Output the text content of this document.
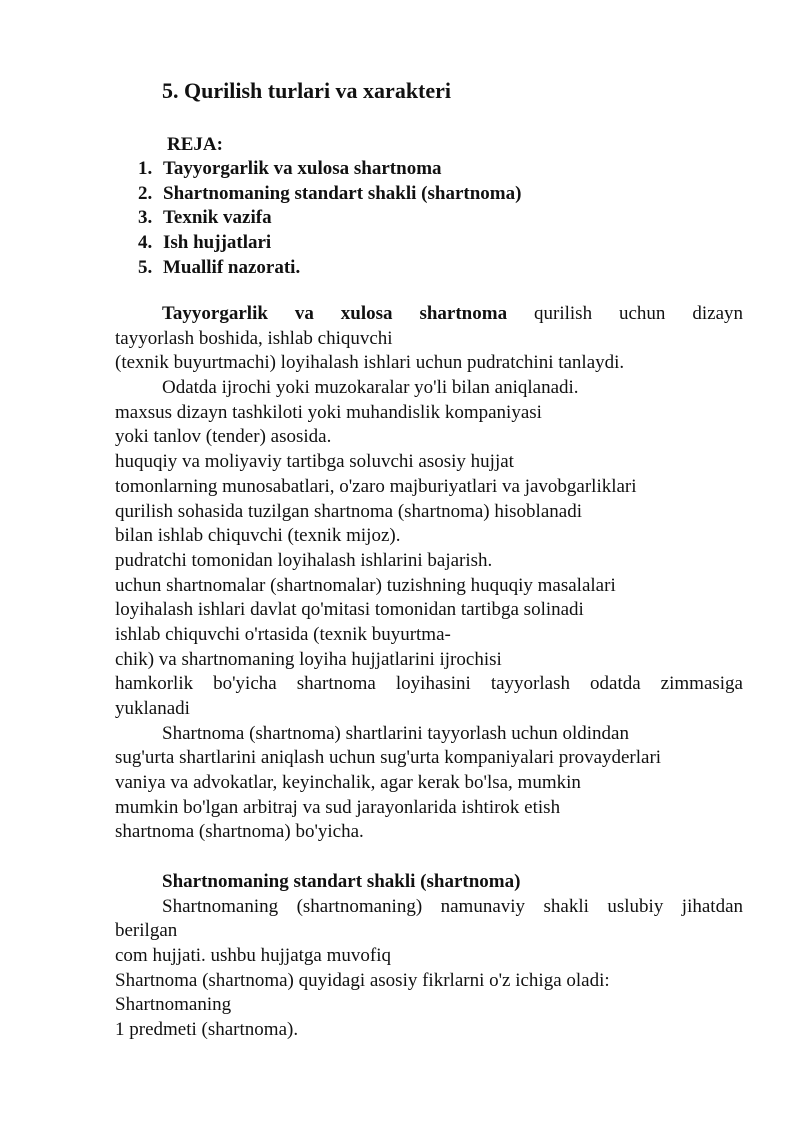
5. Qurilish turlari va xarakteri
REJA:
1. Tayyorgarlik va xulosa shartnoma
2. Shartnomaning standart shakli (shartnoma)
3. Texnik vazifa
4. Ish hujjatlari
5. Muallif nazorati.
Tayyorgarlik va xulosa shartnoma qurilish uchun dizayn
tayyorlash boshida, ishlab chiquvchi
(texnik buyurtmachi) loyihalash ishlari uchun pudratchini tanlaydi.
Odatda ijrochi yoki muzokaralar yo'li bilan aniqlanadi.
maxsus dizayn tashkiloti yoki muhandislik kompaniyasi
yoki tanlov (tender) asosida.
huquqiy va moliyaviy tartibga soluvchi asosiy hujjat
tomonlarning munosabatlari, o'zaro majburiyatlari va javobgarliklari
qurilish sohasida tuzilgan shartnoma (shartnoma) hisoblanadi
bilan ishlab chiquvchi (texnik mijoz).
pudratchi tomonidan loyihalash ishlarini bajarish.
uchun shartnomalar (shartnomalar) tuzishning huquqiy masalalari
loyihalash ishlari davlat qo'mitasi tomonidan tartibga solinadi
ishlab chiquvchi o'rtasida (texnik buyurtma-
chik) va shartnomaning loyiha hujjatlarini ijrochisi
hamkorlik bo'yicha shartnoma loyihasini tayyorlash odatda zimmasiga
yuklanadi
Shartnoma (shartnoma) shartlarini tayyorlash uchun oldindan
sug'urta shartlarini aniqlash uchun sug'urta kompaniyalari provayderlari
vaniya va advokatlar, keyinchalik, agar kerak bo'lsa, mumkin
mumkin bo'lgan arbitraj va sud jarayonlarida ishtirok etish
shartnoma (shartnoma) bo'yicha.
Shartnomaning standart shakli (shartnoma)
Shartnomaning (shartnomaning) namunaviy shakli uslubiy jihatdan
berilgan
com hujjati. ushbu hujjatga muvofiq
Shartnoma (shartnoma) quyidagi asosiy fikrlarni o'z ichiga oladi:
Shartnomaning
1 predmeti (shartnoma).
